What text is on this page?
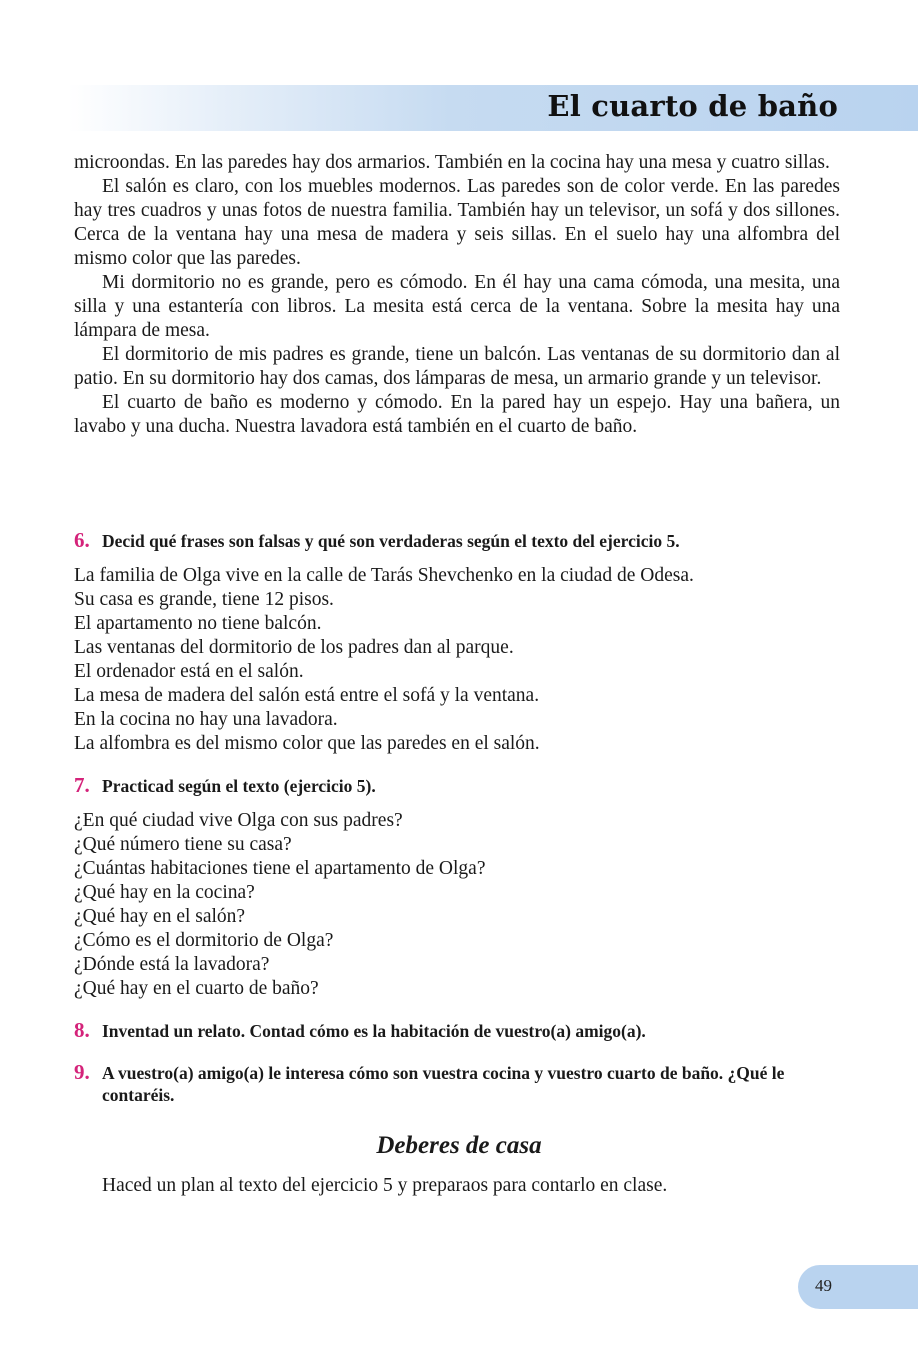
El cuarto de baño

microondas. En las paredes hay dos armarios. También en la cocina hay una mesa y cuatro sillas.

El salón es claro, con los muebles modernos. Las paredes son de color verde. En las paredes hay tres cuadros y unas fotos de nuestra familia. También hay un televisor, un sofá y dos sillones. Cerca de la ventana hay una mesa de madera y seis sillas. En el suelo hay una alfombra del mismo color que las paredes.

Mi dormitorio no es grande, pero es cómodo. En él hay una cama cómoda, una mesita, una silla y una estantería con libros. La mesita está cerca de la ventana. Sobre la mesita hay una lámpara de mesa.

El dormitorio de mis padres es grande, tiene un balcón. Las ventanas de su dormitorio dan al patio. En su dormitorio hay dos camas, dos lámparas de mesa, un armario grande y un televisor.

El cuarto de baño es moderno y cómodo. En la pared hay un espejo. Hay una bañera, un lavabo y una ducha. Nuestra lavadora está también en el cuarto de baño.

6. Decid qué frases son falsas y qué son verdaderas según el texto del ejercicio 5.
La familia de Olga vive en la calle de Tarás Shevchenko en la ciudad de Odesa.
Su casa es grande, tiene 12 pisos.
El apartamento no tiene balcón.
Las ventanas del dormitorio de los padres dan al parque.
El ordenador está en el salón.
La mesa de madera del salón está entre el sofá y la ventana.
En la cocina no hay una lavadora.
La alfombra es del mismo color que las paredes en el salón.
7. Practicad según el texto (ejercicio 5).
¿En qué ciudad vive Olga con sus padres?
¿Qué número tiene su casa?
¿Cuántas habitaciones tiene el apartamento de Olga?
¿Qué hay en la cocina?
¿Qué hay en el salón?
¿Cómo es el dormitorio de Olga?
¿Dónde está la lavadora?
¿Qué hay en el cuarto de baño?
8. Inventad un relato. Contad cómo es la habitación de vuestro(a) amigo(a).
9. A vuestro(a) amigo(a) le interesa cómo son vuestra cocina y vuestro cuarto de baño. ¿Qué le contaréis.
Deberes de casa
Haced un plan al texto del ejercicio 5 y preparaos para contarlo en clase.
49
